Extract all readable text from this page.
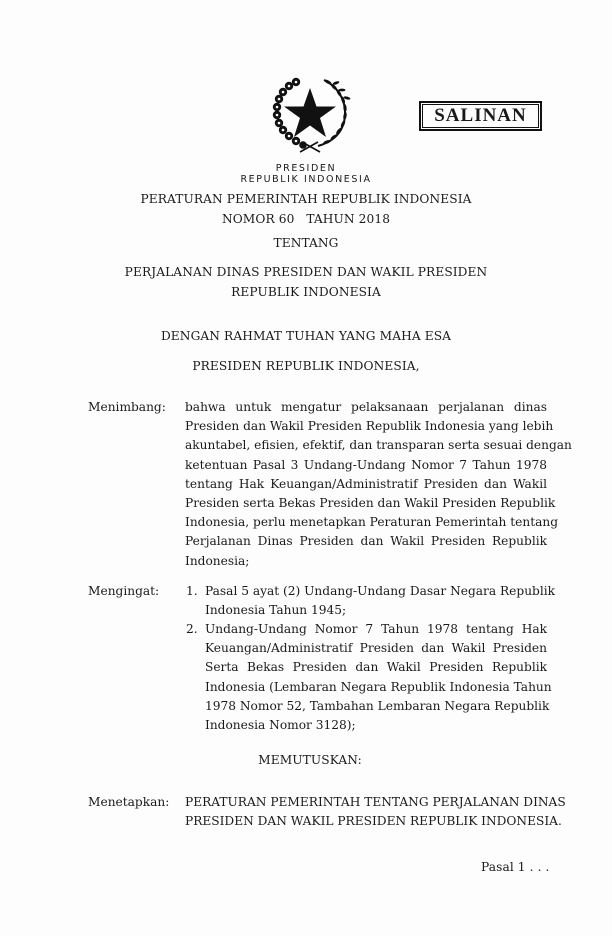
SALINAN
PRESIDEN
REPUBLIK INDONESIA
PERATURAN PEMERINTAH REPUBLIK INDONESIA
NOMOR 60   TAHUN 2018
TENTANG
PERJALANAN DINAS PRESIDEN DAN WAKIL PRESIDEN
REPUBLIK INDONESIA
DENGAN RAHMAT TUHAN YANG MAHA ESA
PRESIDEN REPUBLIK INDONESIA,
Menimbang: bahwa untuk mengatur pelaksanaan perjalanan dinas
Presiden dan Wakil Presiden Republik Indonesia yang lebih
akuntabel, efisien, efektif, dan transparan serta sesuai dengan
ketentuan Pasal 3 Undang-Undang Nomor 7 Tahun 1978
tentang Hak Keuangan/Administratif Presiden dan Wakil
Presiden serta Bekas Presiden dan Wakil Presiden Republik
Indonesia, perlu menetapkan Peraturan Pemerintah tentang
Perjalanan Dinas Presiden dan Wakil Presiden Republik
Indonesia;
Mengingat: 1. Pasal 5 ayat (2) Undang-Undang Dasar Negara Republik
Indonesia Tahun 1945;
2. Undang-Undang Nomor 7 Tahun 1978 tentang Hak
Keuangan/Administratif Presiden dan Wakil Presiden
Serta Bekas Presiden dan Wakil Presiden Republik
Indonesia (Lembaran Negara Republik Indonesia Tahun
1978 Nomor 52, Tambahan Lembaran Negara Republik
Indonesia Nomor 3128);
MEMUTUSKAN:
Menetapkan: PERATURAN PEMERINTAH TENTANG PERJALANAN DINAS
PRESIDEN DAN WAKIL PRESIDEN REPUBLIK INDONESIA.
Pasal 1 . . .
